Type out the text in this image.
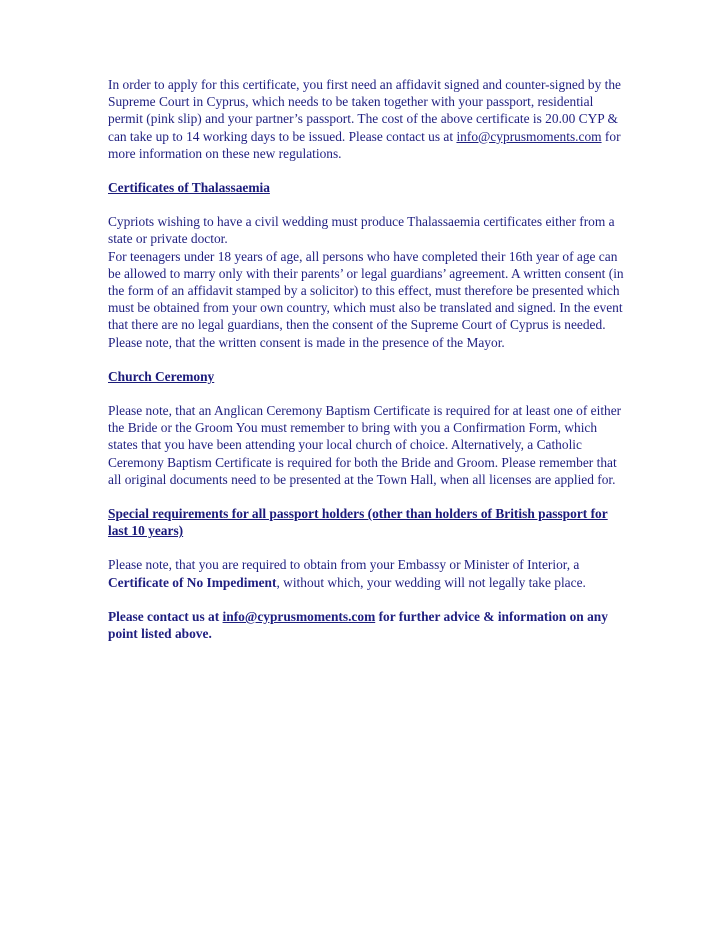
In order to apply for this certificate, you first need an affidavit signed and counter-signed by the Supreme Court in Cyprus, which needs to be taken together with your passport, residential permit (pink slip) and your partner’s passport. The cost of the above certificate is 20.00 CYP & can take up to 14 working days to be issued. Please contact us at info@cyprusmoments.com for more information on these new regulations.

Certificates of Thalassaemia

Cypriots wishing to have a civil wedding must produce Thalassaemia certificates either from a state or private doctor.

For teenagers under 18 years of age, all persons who have completed their 16th year of age can be allowed to marry only with their parents’ or legal guardians’ agreement. A written consent (in the form of an affidavit stamped by a solicitor) to this effect, must therefore be presented which must be obtained from your own country, which must also be translated and signed. In the event that there are no legal guardians, then the consent of the Supreme Court of Cyprus is needed. Please note, that the written consent is made in the presence of the Mayor.

Church Ceremony

Please note, that an Anglican Ceremony Baptism Certificate is required for at least one of either the Bride or the Groom You must remember to bring with you a Confirmation Form, which states that you have been attending your local church of choice. Alternatively, a Catholic Ceremony Baptism Certificate is required for both the Bride and Groom. Please remember that all original documents need to be presented at the Town Hall, when all licenses are applied for.

Special requirements for all passport holders (other than holders of British passport for last 10 years)

Please note, that you are required to obtain from your Embassy or Minister of Interior, a Certificate of No Impediment, without which, your wedding will not legally take place.

Please contact us at info@cyprusmoments.com for further advice & information on any point listed above.
